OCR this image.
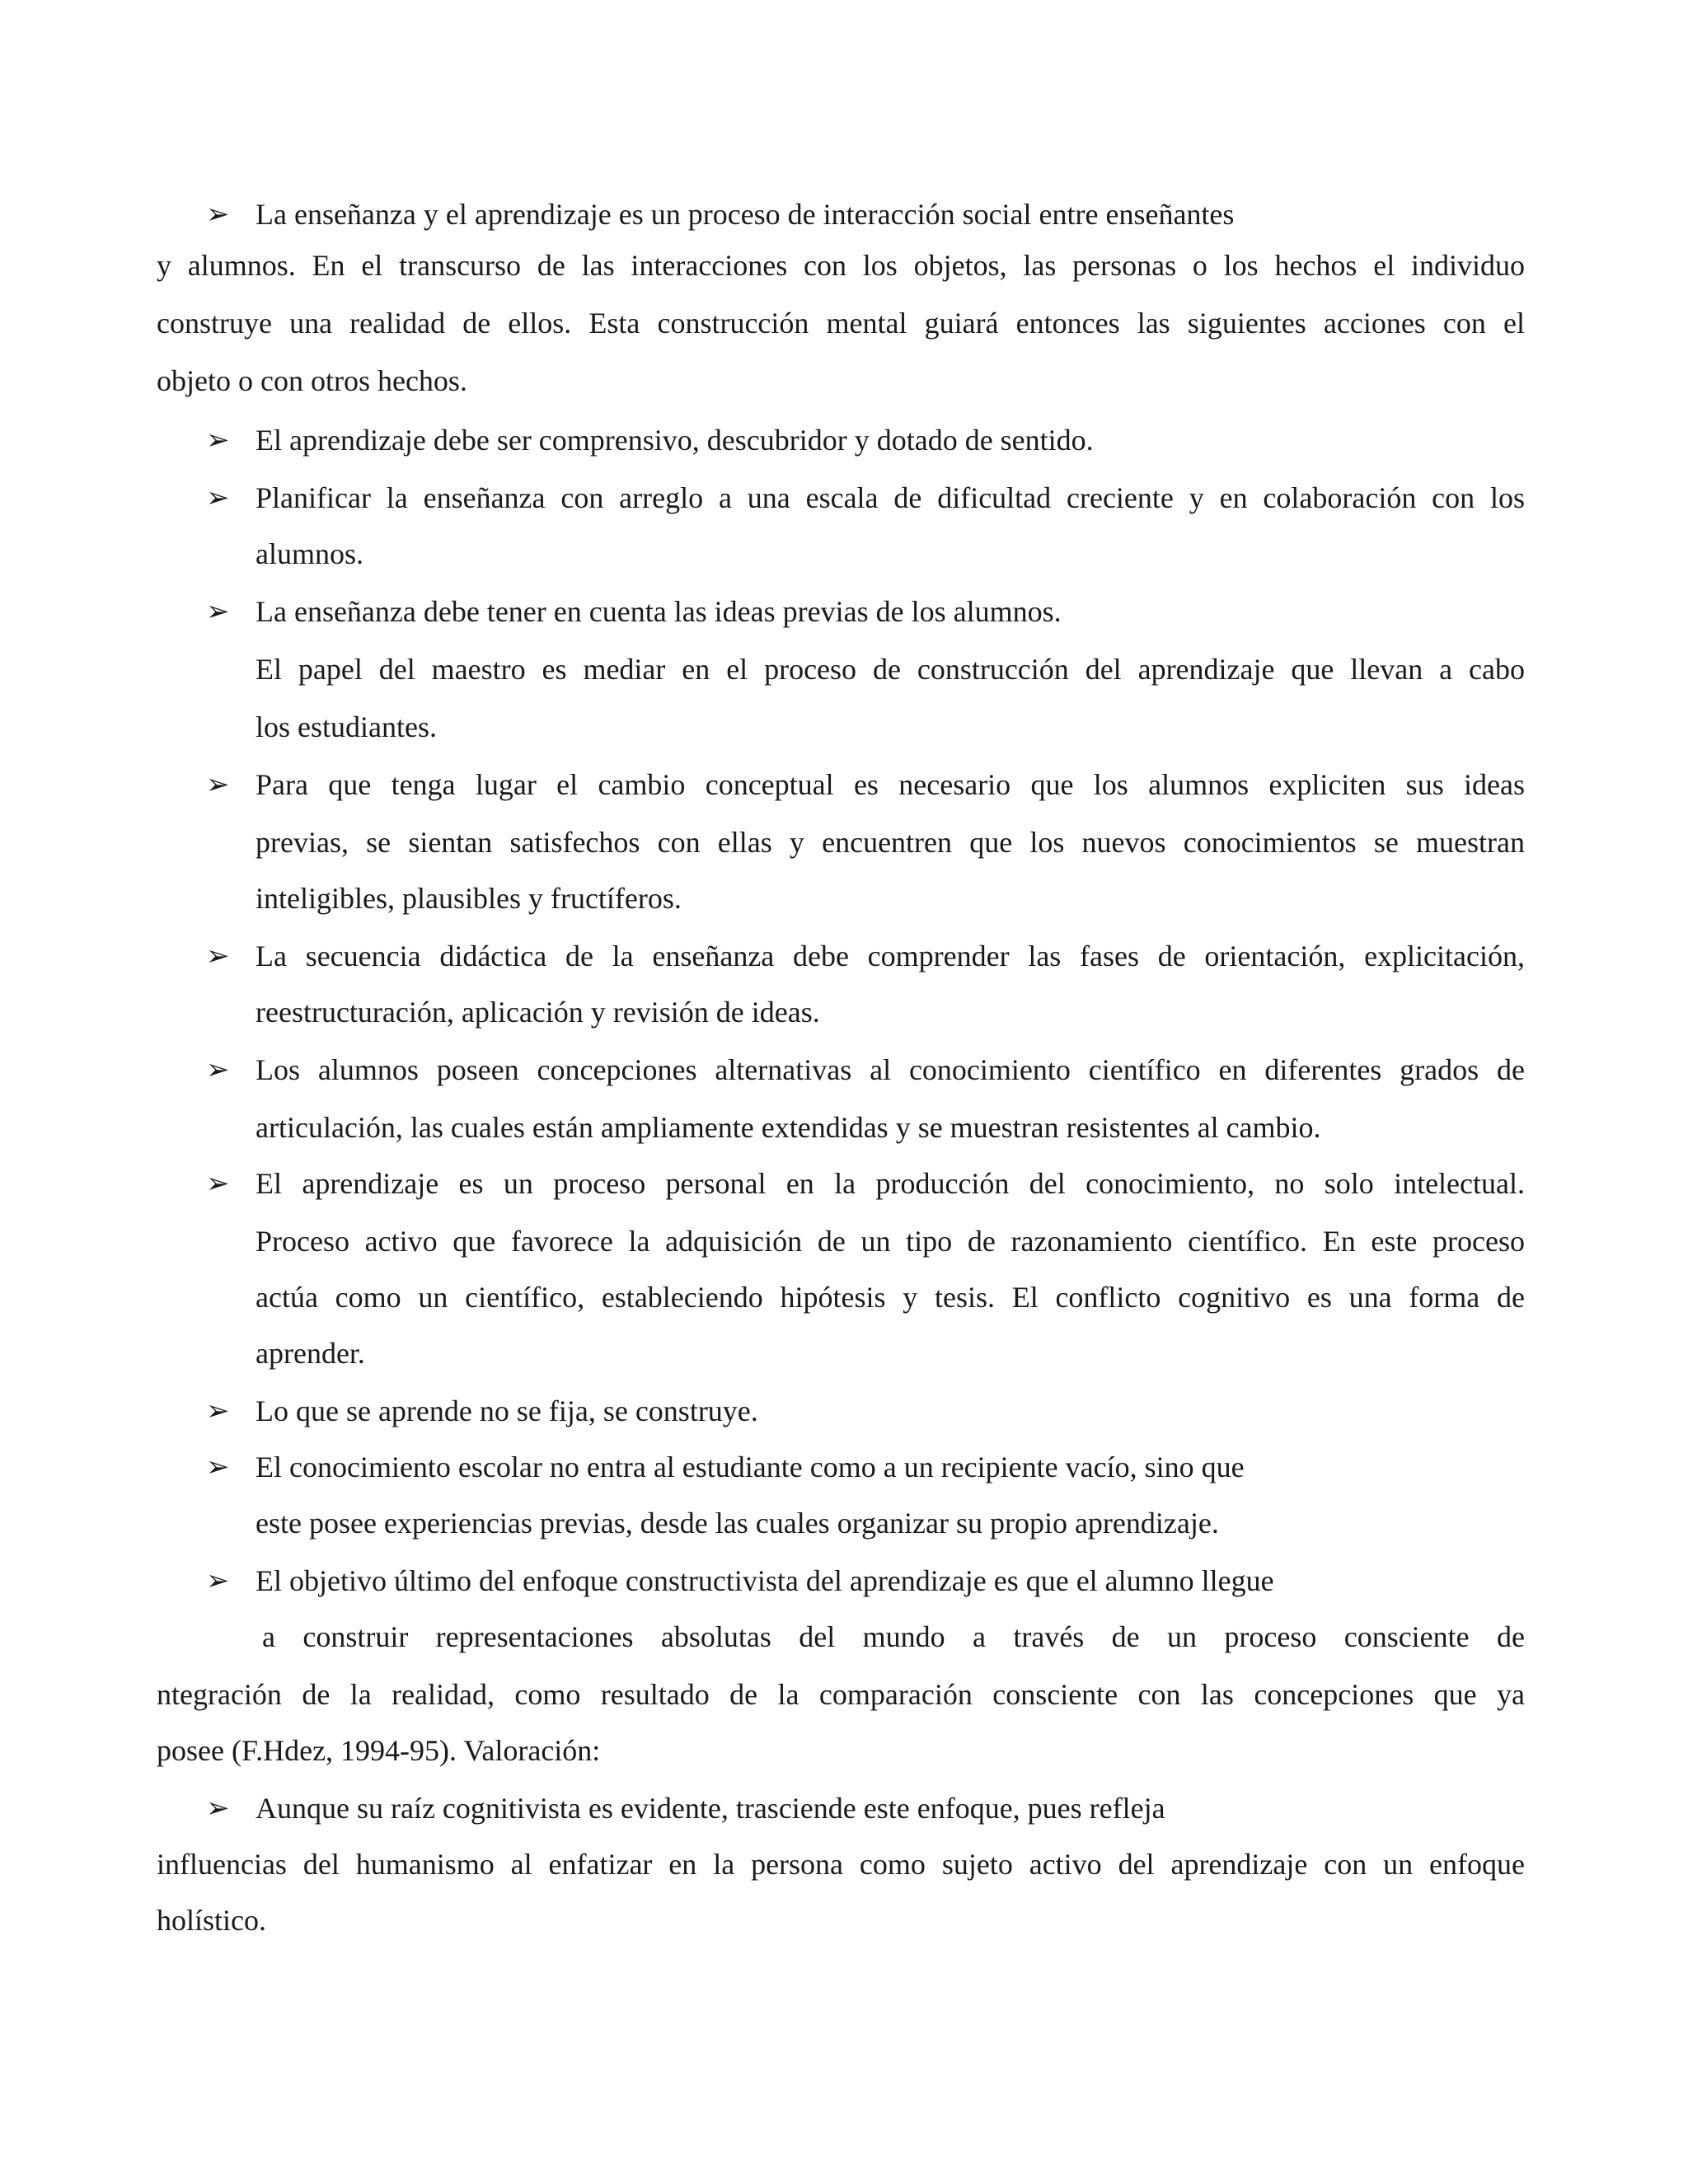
➢ La enseñanza y el aprendizaje es un proceso de interacción social entre enseñantes
y alumnos. En el transcurso de las interacciones con los objetos, las personas o los hechos el individuo
construye una realidad de ellos. Esta construcción mental guiará entonces las siguientes acciones con el
objeto o con otros hechos.
➢ El aprendizaje debe ser comprensivo, descubridor y dotado de sentido.
➢ Planificar la enseñanza con arreglo a una escala de dificultad creciente y en colaboración con los
alumnos.
➢ La enseñanza debe tener en cuenta las ideas previas de los alumnos.
El papel del maestro es mediar en el proceso de construcción del aprendizaje que llevan a cabo
los estudiantes.
➢ Para que tenga lugar el cambio conceptual es necesario que los alumnos expliciten sus ideas
previas, se sientan satisfechos con ellas y encuentren que los nuevos conocimientos se muestran
inteligibles, plausibles y fructíferos.
➢ La secuencia didáctica de la enseñanza debe comprender las fases de orientación, explicitación,
reestructuración, aplicación y revisión de ideas.
➢ Los alumnos poseen concepciones alternativas al conocimiento científico en diferentes grados de
articulación, las cuales están ampliamente extendidas y se muestran resistentes al cambio.
➢ El aprendizaje es un proceso personal en la producción del conocimiento, no solo intelectual.
Proceso activo que favorece la adquisición de un tipo de razonamiento científico. En este proceso
actúa como un científico, estableciendo hipótesis y tesis. El conflicto cognitivo es una forma de
aprender.
➢ Lo que se aprende no se fija, se construye.
➢ El conocimiento escolar no entra al estudiante como a un recipiente vacío, sino que
este posee experiencias previas, desde las cuales organizar su propio aprendizaje.
➢ El objetivo último del enfoque constructivista del aprendizaje es que el alumno llegue
a construir representaciones absolutas del mundo a través de un proceso consciente de
ntegración de la realidad, como resultado de la comparación consciente con las concepciones que ya
posee (F.Hdez, 1994-95). Valoración:
➢ Aunque su raíz cognitivista es evidente, trasciende este enfoque, pues refleja
influencias del humanismo al enfatizar en la persona como sujeto activo del aprendizaje con un enfoque
holístico.
